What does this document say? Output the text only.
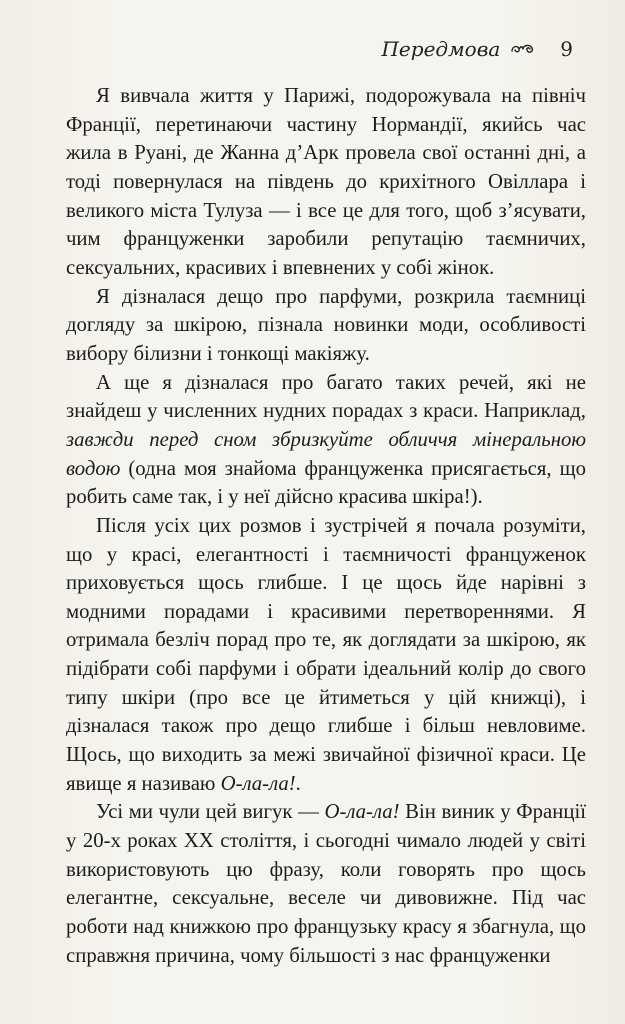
Передмова	9

Я вивчала життя у Парижі, подорожувала на північ Франції, перетинаючи частину Нормандії, якийсь час жила в Руані, де Жанна д’Арк провела свої останні дні, а тоді повернулася на південь до крихітного Овіллара і великого міста Тулуза — і все це для того, щоб з’ясувати, чим француженки заробили репутацію таємничих, сексуальних, красивих і впевнених у собі жінок.

Я дізналася дещо про парфуми, розкрила таємниці догляду за шкірою, пізнала новинки моди, особливості вибору білизни і тонкощі макіяжу.

А ще я дізналася про багато таких речей, які не знайдеш у численних нудних порадах з краси. Наприклад, завжди перед сном збризкуйте обличчя мінеральною водою (одна моя знайома француженка присягається, що робить саме так, і у неї дійсно красива шкіра!).

Після усіх цих розмов і зустрічей я почала розуміти, що у красі, елегантності і таємничості француженок приховується щось глибше. І це щось йде нарівні з модними порадами і красивими перетвореннями. Я отримала безліч порад про те, як доглядати за шкірою, як підібрати собі парфуми і обрати ідеальний колір до свого типу шкіри (про все це йтиметься у цій книжці), і дізналася також про дещо глибше і більш невловиме. Щось, що виходить за межі звичайної фізичної краси. Це явище я називаю О-ла-ла!.

Усі ми чули цей вигук — О-ла-ла! Він виник у Франції у 20-х роках XX століття, і сьогодні чимало людей у світі використовують цю фразу, коли говорять про щось елегантне, сексуальне, веселе чи дивовижне. Під час роботи над книжкою про французьку красу я збагнула, що справжня причина, чому більшості з нас француженки
